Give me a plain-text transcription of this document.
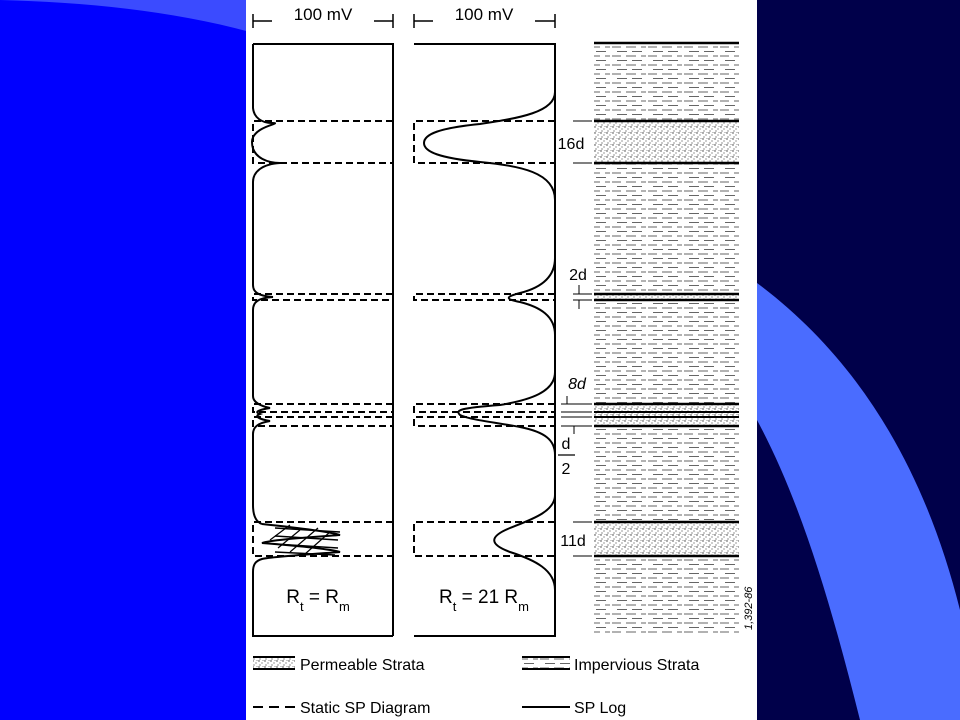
100 mV	100 mV
16d
2d
8d
d
2
11d
$R_t = R_m$	$R_t = 21$ $R_m$	1,392-86
Permeable Strata	Impervious Strata
Static SP Diagram	SP Log
